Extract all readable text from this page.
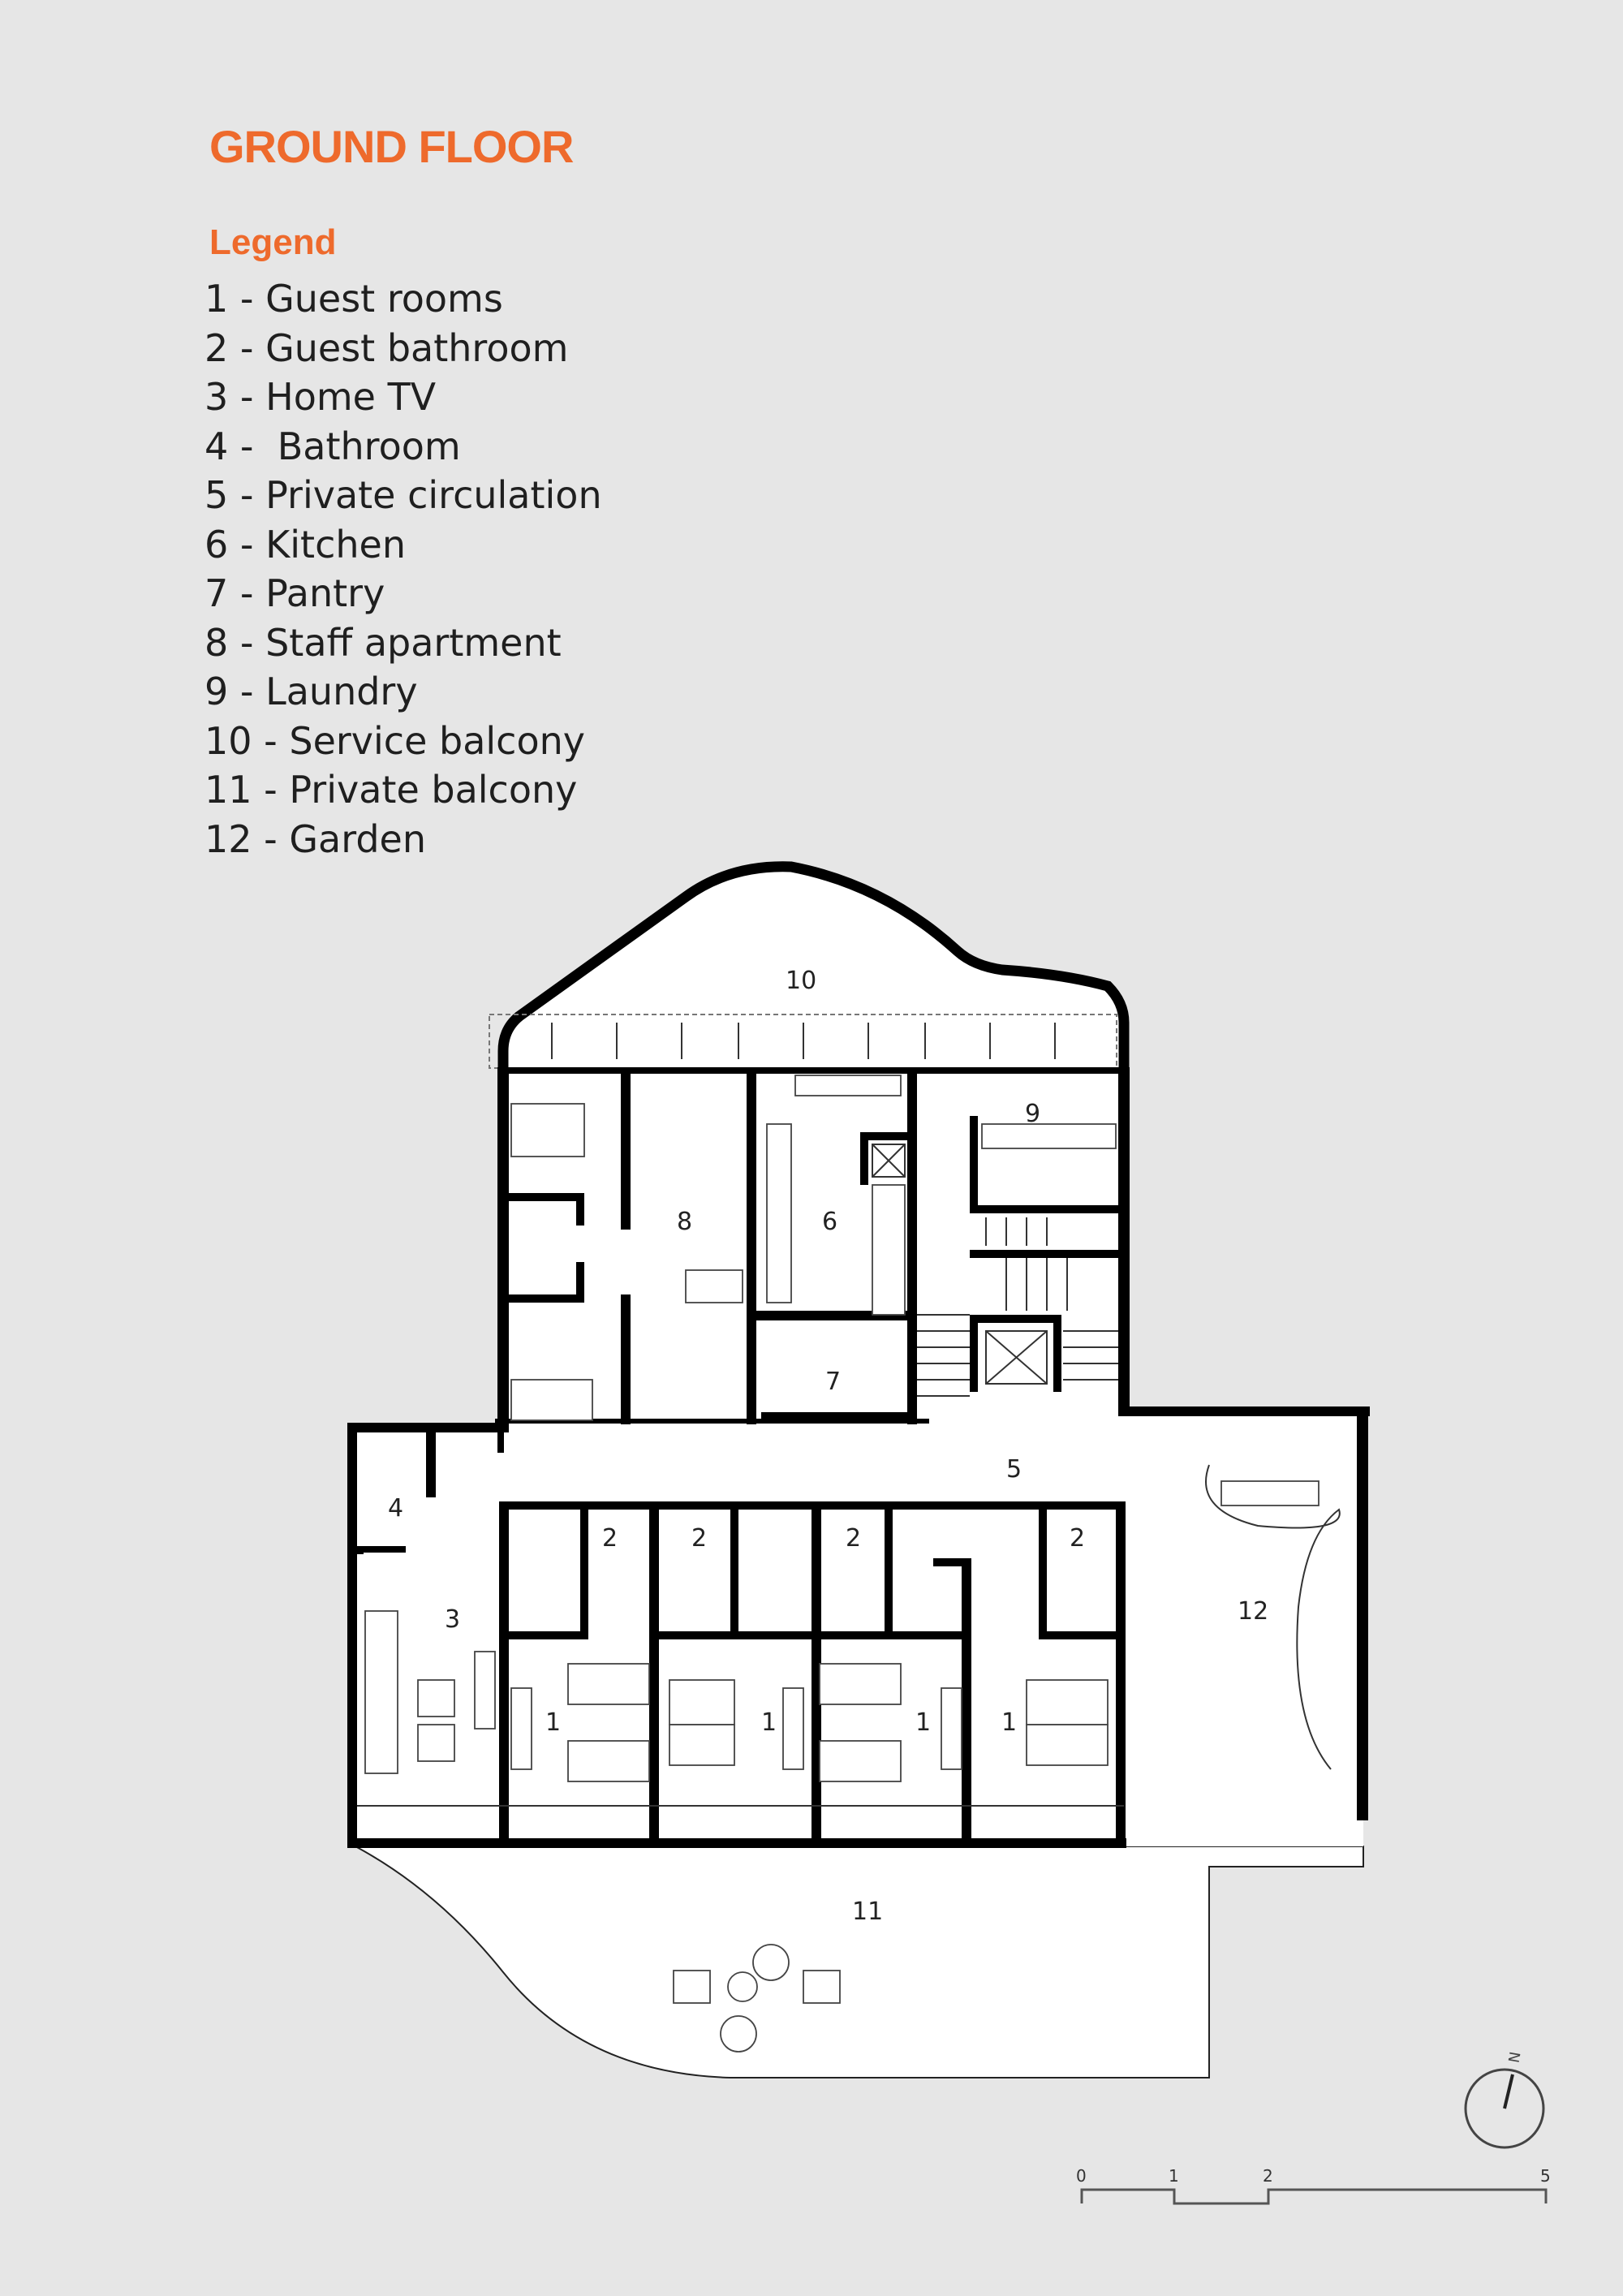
GROUND FLOOR
Legend
1 - Guest rooms
2 - Guest bathroom
3 - Home TV
4 -  Bathroom
5 - Private circulation
6 - Kitchen
7 - Pantry
8 - Staff apartment
9 - Laundry
10 - Service balcony
11 - Private balcony
12 - Garden
10
9
8	6
7
5
4
3
2	2	2	2
1	1	1	1
12
11
N
0	1	2	5
